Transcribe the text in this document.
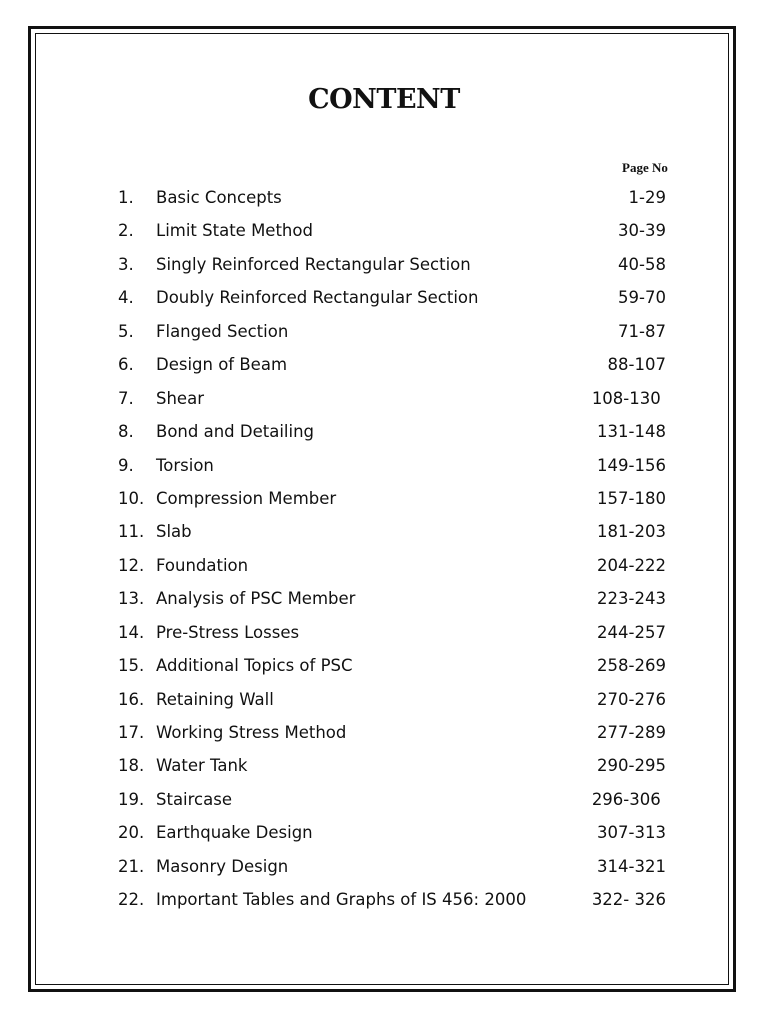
CONTENT
Page No
1. Basic Concepts	1-29
2. Limit State Method	30-39
3. Singly Reinforced Rectangular Section	40-58
4. Doubly Reinforced Rectangular Section	59-70
5. Flanged Section	71-87
6. Design of Beam	88-107
7. Shear	108-130
8. Bond and Detailing	131-148
9. Torsion	149-156
10. Compression Member	157-180
11. Slab	181-203
12. Foundation	204-222
13. Analysis of PSC Member	223-243
14. Pre-Stress Losses	244-257
15. Additional Topics of PSC	258-269
16. Retaining Wall	270-276
17. Working Stress Method	277-289
18. Water Tank	290-295
19. Staircase	296-306
20. Earthquake Design	307-313
21. Masonry Design	314-321
22. Important Tables and Graphs of IS 456: 2000	322- 326
